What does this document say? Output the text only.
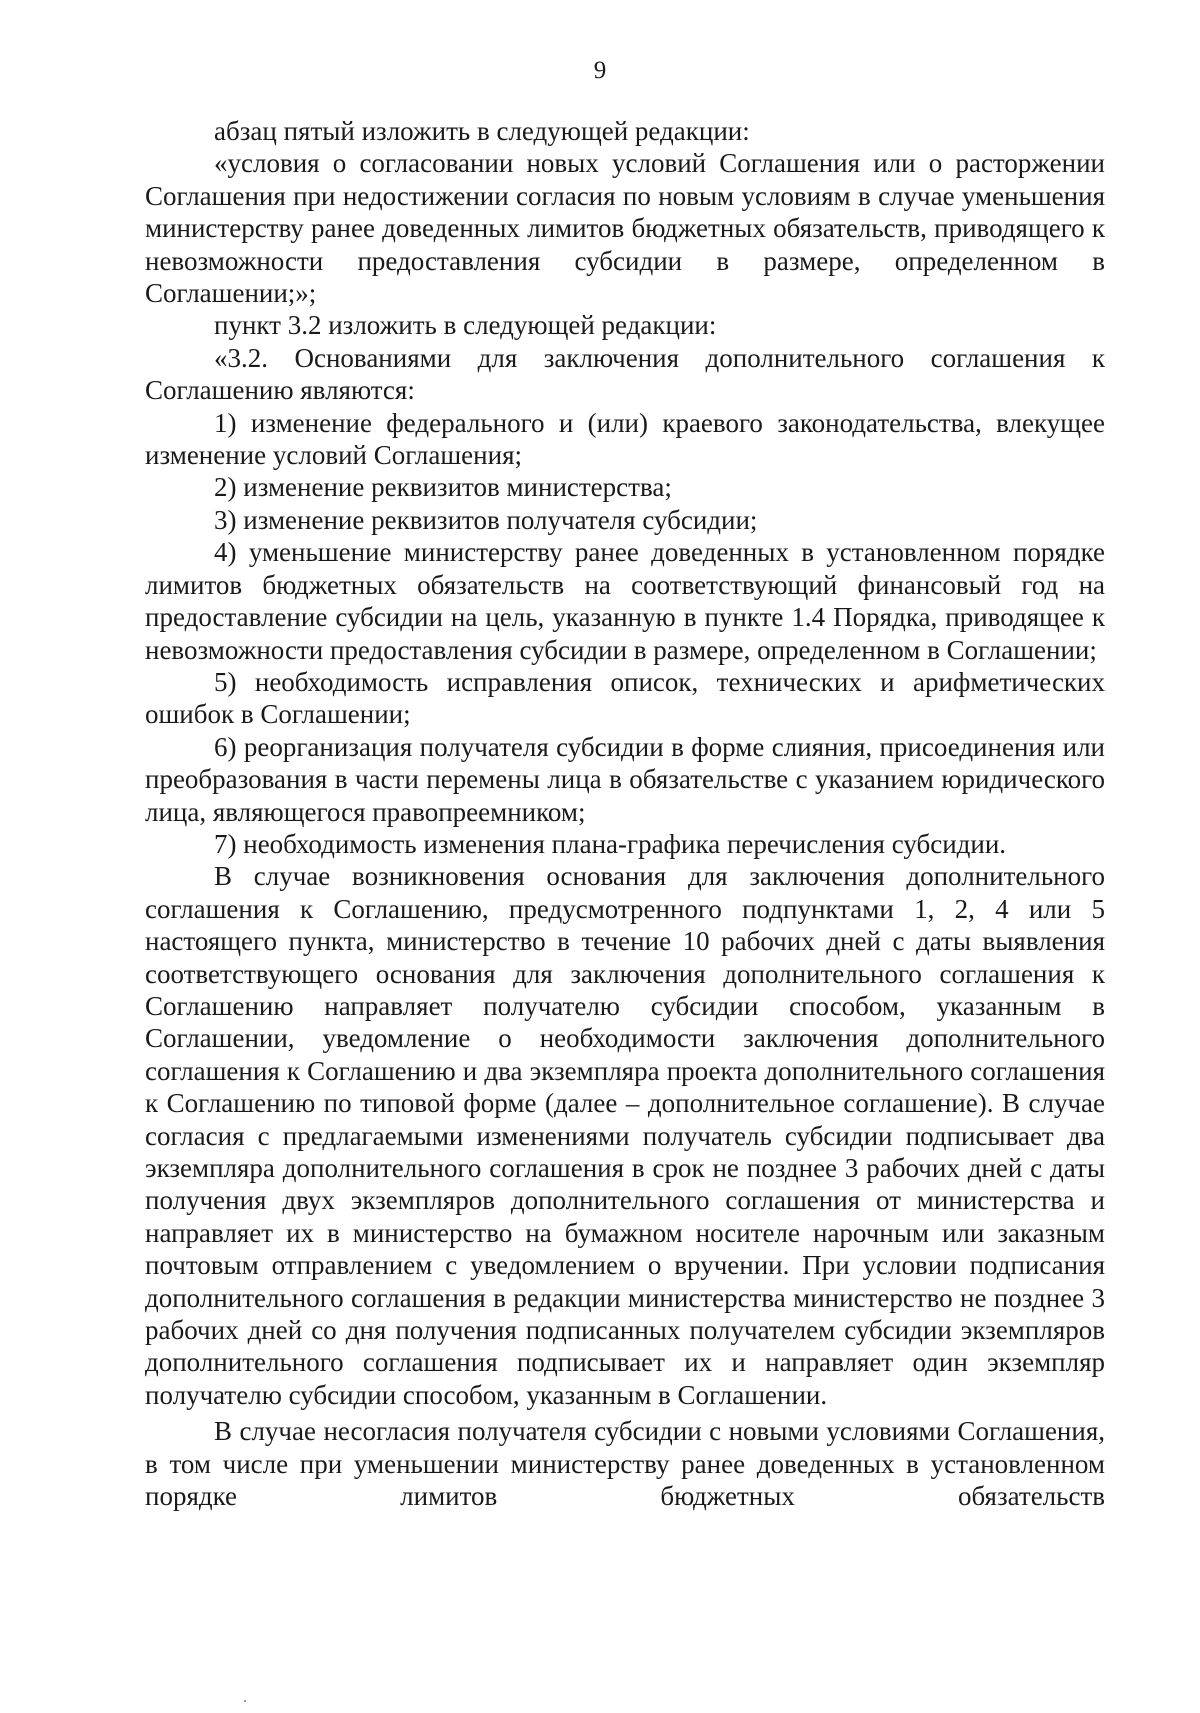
9

абзац пятый изложить в следующей редакции:

«условия о согласовании новых условий Соглашения или о расторжении Соглашения при недостижении согласия по новым условиям в случае уменьшения министерству ранее доведенных лимитов бюджетных обязательств, приводящего к невозможности предоставления субсидии в размере, определенном в Соглашении;»;

пункт 3.2 изложить в следующей редакции:

«3.2. Основаниями для заключения дополнительного соглашения к Соглашению являются:

1) изменение федерального и (или) краевого законодательства, влекущее изменение условий Соглашения;

2) изменение реквизитов министерства;

3) изменение реквизитов получателя субсидии;

4) уменьшение министерству ранее доведенных в установленном порядке лимитов бюджетных обязательств на соответствующий финансовый год на предоставление субсидии на цель, указанную в пункте 1.4 Порядка, приводящее к невозможности предоставления субсидии в размере, определенном в Соглашении;

5) необходимость исправления описок, технических и арифметических ошибок в Соглашении;

6) реорганизация получателя субсидии в форме слияния, присоединения или преобразования в части перемены лица в обязательстве с указанием юридического лица, являющегося правопреемником;

7) необходимость изменения плана-графика перечисления субсидии.

В случае возникновения основания для заключения дополнительного соглашения к Соглашению, предусмотренного подпунктами 1, 2, 4 или 5 настоящего пункта, министерство в течение 10 рабочих дней с даты выявления соответствующего основания для заключения дополнительного соглашения к Соглашению направляет получателю субсидии способом, указанным в Соглашении, уведомление о необходимости заключения дополнительного соглашения к Соглашению и два экземпляра проекта дополнительного соглашения к Соглашению по типовой форме (далее – дополнительное соглашение). В случае согласия с предлагаемыми изменениями получатель субсидии подписывает два экземпляра дополнительного соглашения в срок не позднее 3 рабочих дней с даты получения двух экземпляров дополнительного соглашения от министерства и направляет их в министерство на бумажном носителе нарочным или заказным почтовым отправлением с уведомлением о вручении. При условии подписания дополнительного соглашения в редакции министерства министерство не позднее 3 рабочих дней со дня получения подписанных получателем субсидии экземпляров дополнительного соглашения подписывает их и направляет один экземпляр получателю субсидии способом, указанным в Соглашении.

В случае несогласия получателя субсидии с новыми условиями Соглашения, в том числе при уменьшении министерству ранее доведенных в установленном порядке лимитов бюджетных обязательств
